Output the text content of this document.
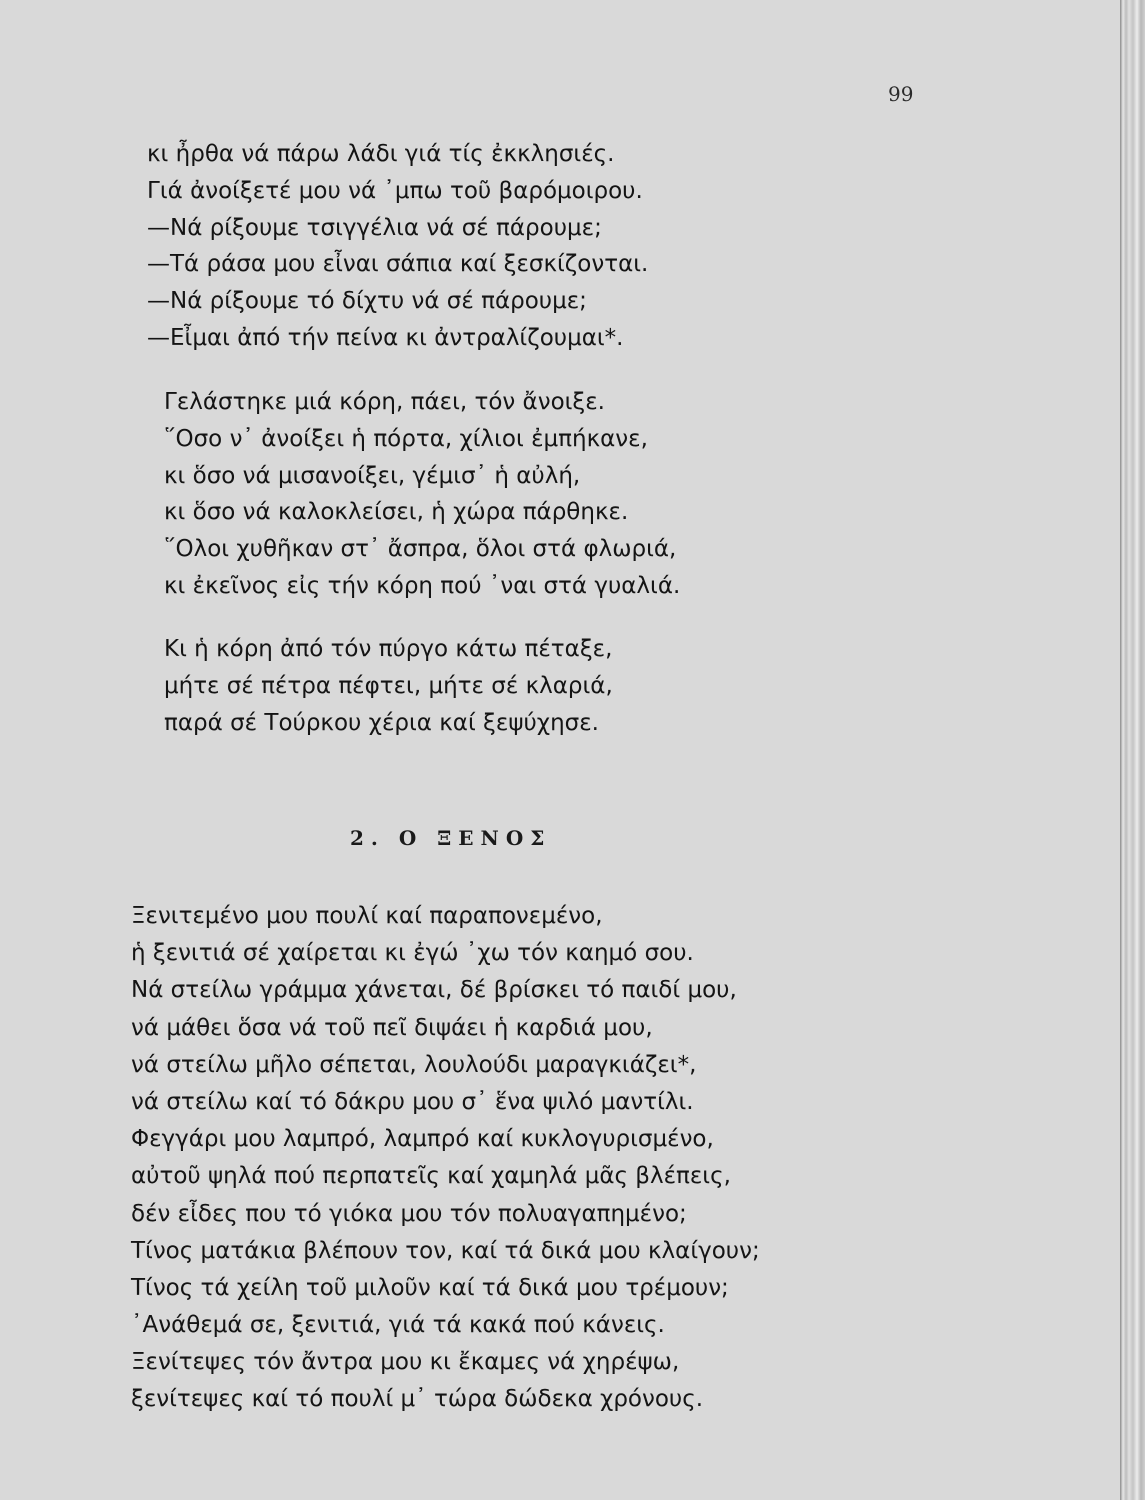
99
κι ἦρθα νά πάρω λάδι γιά τίς ἐκκλησιές.
Γιά ἀνοίξετέ μου νά ᾽μπω τοῦ βαρόμοιρου.
—Νά ρίξουμε τσιγγέλια νά σέ πάρουμε;
—Τά ράσα μου εἶναι σάπια καί ξεσκίζονται.
—Νά ρίξουμε τό δίχτυ νά σέ πάρουμε;
—Εἶμαι ἀπό τήν πείνα κι ἀντραλίζουμαι*.
Γελάστηκε μιά κόρη, πάει, τόν ἄνοιξε.
῞Οσο ν᾽ ἀνοίξει ἡ πόρτα, χίλιοι ἐμπήκανε,
κι ὅσο νά μισανοίξει, γέμισ᾽ ἡ αὐλή,
κι ὅσο νά καλοκλείσει, ἡ χώρα πάρθηκε.
῞Ολοι χυθῆκαν στ᾽ ἄσπρα, ὅλοι στά φλωριά,
κι ἐκεῖνος εἰς τήν κόρη πού ᾽ναι στά γυαλιά.
Κι ἡ κόρη ἀπό τόν πύργο κάτω πέταξε,
μήτε σέ πέτρα πέφτει, μήτε σέ κλαριά,
παρά σέ Τούρκου χέρια καί ξεψύχησε.
2. Ο ΞΕΝΟΣ
Ξενιτεμένο μου πουλί καί παραπονεμένο,
ἡ ξενιτιά σέ χαίρεται κι ἐγώ ᾽χω τόν καημό σου.
Νά στείλω γράμμα χάνεται, δέ βρίσκει τό παιδί μου,
νά μάθει ὅσα νά τοῦ πεῖ διψάει ἡ καρδιά μου,
νά στείλω μῆλο σέπεται, λουλούδι μαραγκιάζει*,
νά στείλω καί τό δάκρυ μου σ᾽ ἕνα ψιλό μαντίλι.
Φεγγάρι μου λαμπρό, λαμπρό καί κυκλογυρισμένο,
αὐτοῦ ψηλά πού περπατεῖς καί χαμηλά μᾶς βλέπεις,
δέν εἶδες που τό γιόκα μου τόν πολυαγαπημένο;
Τίνος ματάκια βλέπουν τον, καί τά δικά μου κλαίγουν;
Τίνος τά χείλη τοῦ μιλοῦν καί τά δικά μου τρέμουν;
᾽Ανάθεμά σε, ξενιτιά, γιά τά κακά πού κάνεις.
Ξενίτεψες τόν ἄντρα μου κι ἔκαμες νά χηρέψω,
ξενίτεψες καί τό πουλί μ᾽ τώρα δώδεκα χρόνους.
